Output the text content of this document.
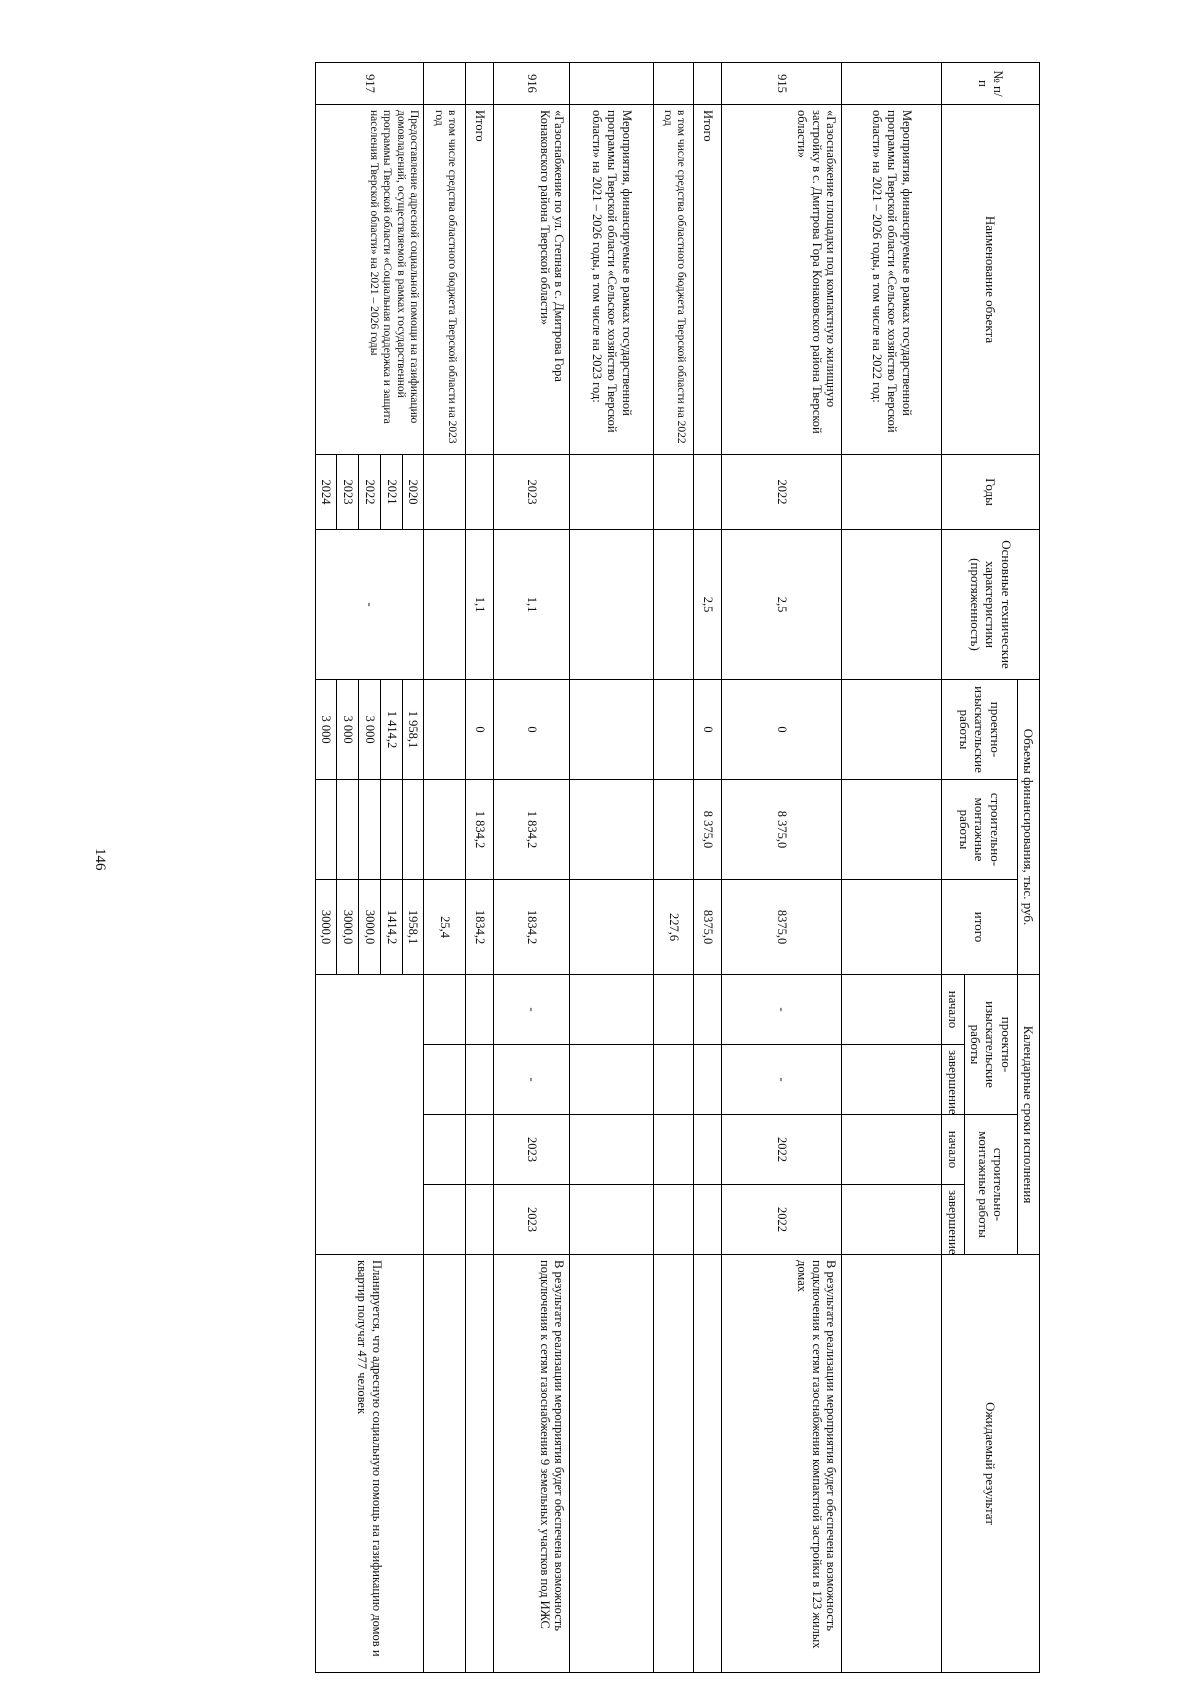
146
№ п/п	Наименование объекта	Годы	Основные технические характеристики (протяженность)	Объемы финансирования, тыс. руб.			Календарные сроки исполнения				Ожидаемый результат
				проектно-изыскательские работы	строительно-монтажные работы	итого	проектно-изыскательские работы		строительно-монтажные работы		
							начало	завершение	начало	завершение	
	Мероприятия, финансируемые в рамках государственной программы Тверской области «Сельское хозяйство Тверской области» на 2021 – 2026 годы, в том числе на 2022 год:										
915	«Газоснабжение площадки под компактную жилищную застройку в с. Дмитрова Гора Конаковского района Тверской области»	2022	2,5	0	8 375,0	8375,0	-	-	2022	2022	В результате реализации мероприятия будет обеспечена возможность подключения к сетям газоснабжения компактной застройки в 123 жилых домах
	Итого		2,5	0	8 375,0	8375,0					
	в том числе средства областного бюджета Тверской области на 2022 год					227,6					
	Мероприятия, финансируемые в рамках государственной программы Тверской области «Сельское хозяйство Тверской области» на 2021 – 2026 годы, в том числе на 2023 год:										
916	«Газоснабжение по ул. Степная в с. Дмитрова Гора Конаковского района Тверской области»	2023	1,1	0	1 834,2	1834,2	-	-	2023	2023	В результате реализации мероприятия будет обеспечена возможность подключения к сетям газоснабжения 9 земельных участков под ИЖС
	Итого		1,1	0	1 834,2	1834,2					
	в том числе средства областного бюджета Тверской области на 2023 год					25,4					
917	Предоставление адресной социальной помощи на газификацию домовладений, осуществляемой в рамках государственной программы Тверской области «Социальная поддержка и защита населения Тверской области» на 2021 – 2026 годы	2020	-	1 958,1		1958,1					Планируется, что адресную социальную помощь на газификацию домов и квартир получат 477 человек
		2021		1 414,2		1414,2					
		2022		3 000		3000,0					
		2023		3 000		3000,0					
		2024		3 000		3000,0					
